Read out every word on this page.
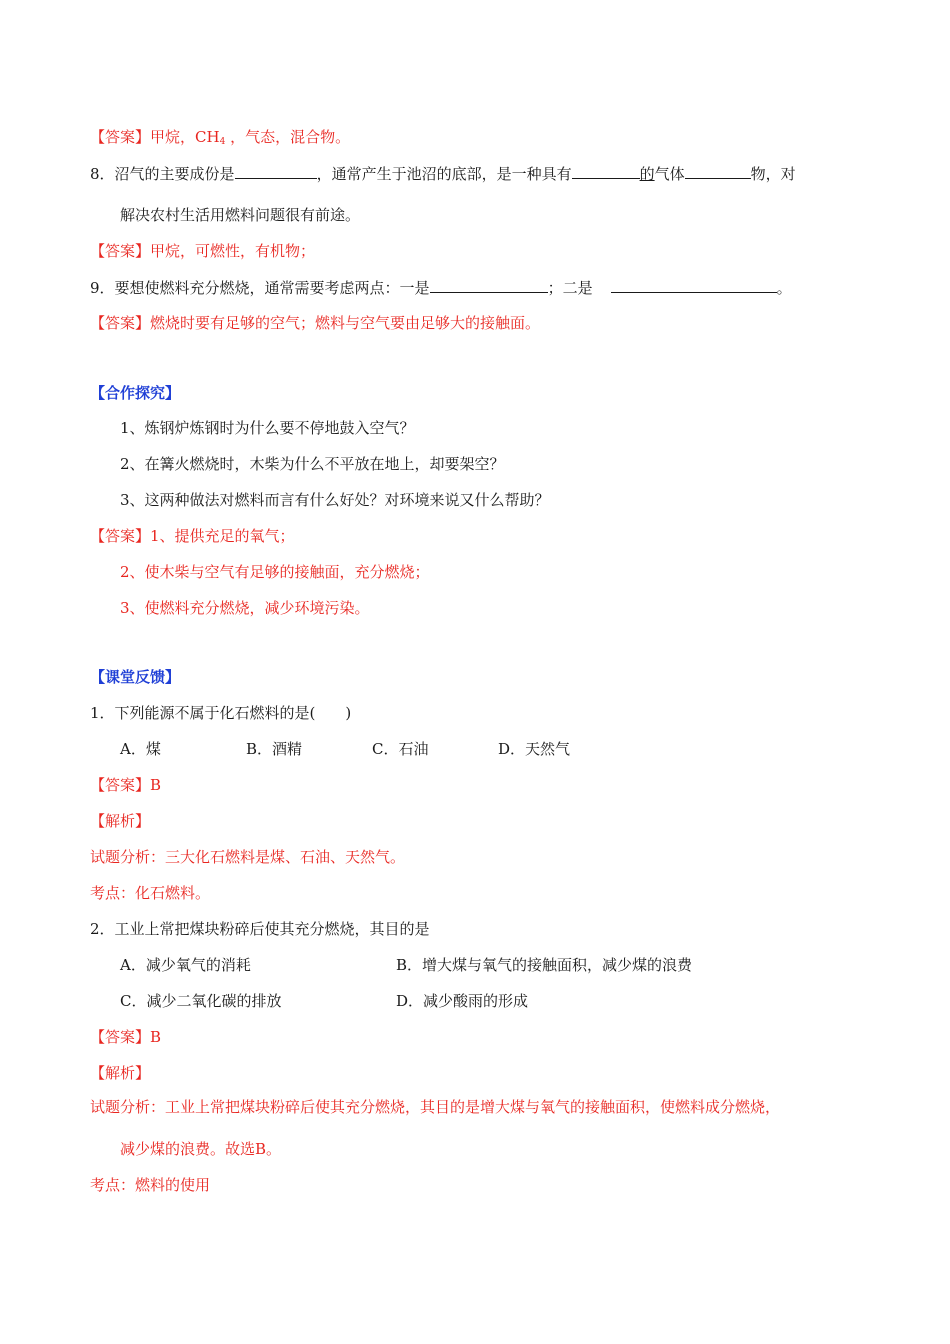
【答案】甲烷，$CH_4$ ，气态，混合物。
8．沼气的主要成份是	，通常产生于池沼的底部，是一种具有	的气体	物，对
解决农村生活用燃料问题很有前途。
【答案】甲烷，可燃性，有机物；
9．要想使燃料充分燃烧，通常需要考虑两点：一是	；二是	。
【答案】燃烧时要有足够的空气；燃料与空气要由足够大的接触面。
【合作探究】
1、炼钢炉炼钢时为什么要不停地鼓入空气？
2、在篝火燃烧时，木柴为什么不平放在地上，却要架空？
3、这两种做法对燃料而言有什么好处？对环境来说又什么帮助？
【答案】1、提供充足的氧气；
2、使木柴与空气有足够的接触面，充分燃烧；
3、使燃料充分燃烧，减少环境污染。
【课堂反馈】
1．下列能源不属于化石燃料的是(　　)
A．煤	B．酒精	C．石油	D．天然气
【答案】B
【解析】
试题分析：三大化石燃料是煤、石油、天然气。
考点：化石燃料。
2．工业上常把煤块粉碎后使其充分燃烧，其目的是
A．减少氧气的消耗	B．增大煤与氧气的接触面积，减少煤的浪费
C．减少二氧化碳的排放	D．减少酸雨的形成
【答案】B
【解析】
试题分析：工业上常把煤块粉碎后使其充分燃烧，其目的是增大煤与氧气的接触面积，使燃料成分燃烧，
减少煤的浪费。故选B。
考点：燃料的使用
